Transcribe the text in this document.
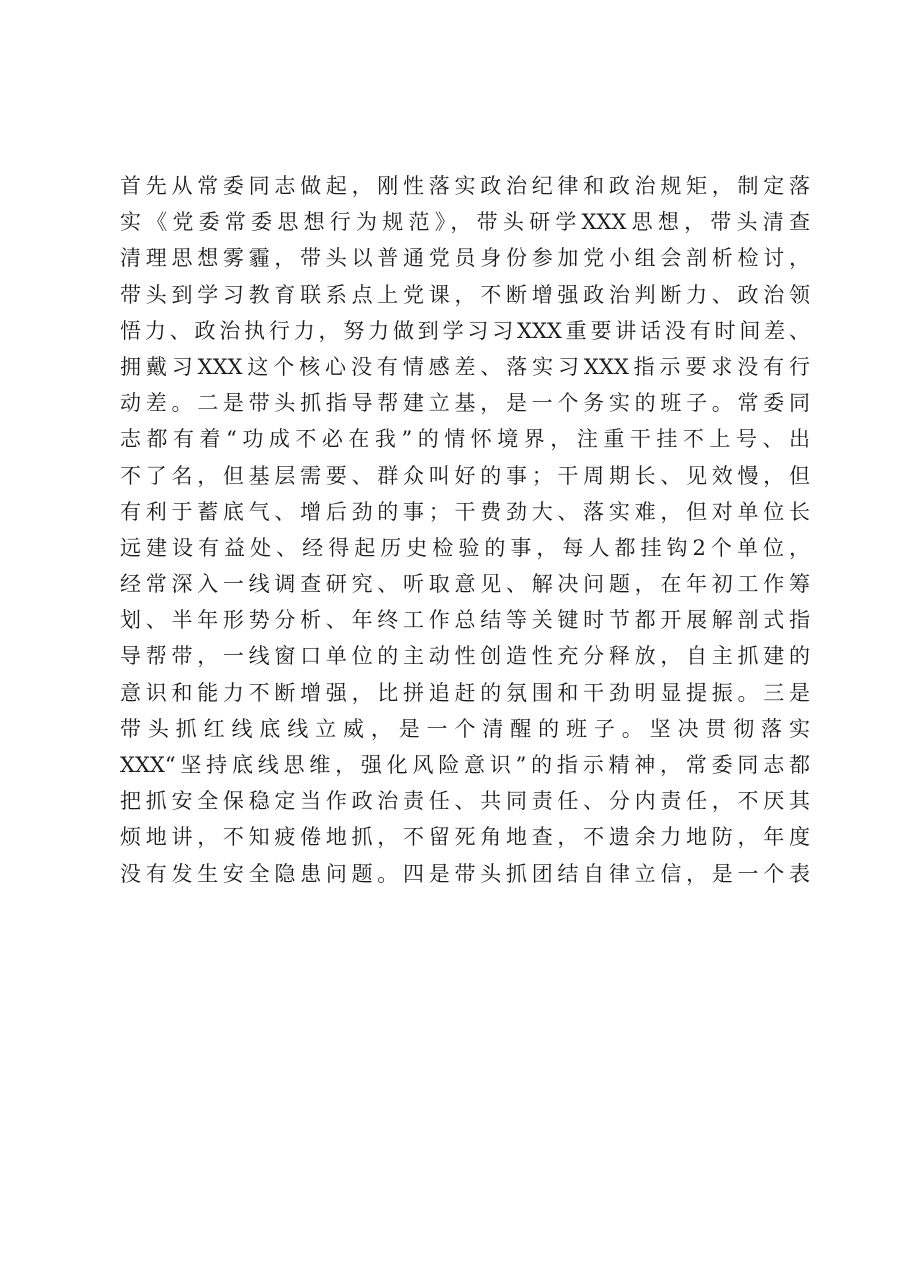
首先从常委同志做起，刚性落实政治纪律和政治规矩，制定落
实《党委常委思想行为规范》，带头研学XXX思想，带头清查
清理思想雾霾，带头以普通党员身份参加党小组会剖析检讨，
带头到学习教育联系点上党课，不断增强政治判断力、政治领
悟力、政治执行力，努力做到学习习XXX重要讲话没有时间差、
拥戴习XXX这个核心没有情感差、落实习XXX指示要求没有行
动差。二是带头抓指导帮建立基，是一个务实的班子。常委同
志都有着“功成不必在我”的情怀境界，注重干挂不上号、出
不了名，但基层需要、群众叫好的事；干周期长、见效慢，但
有利于蓄底气、增后劲的事；干费劲大、落实难，但对单位长
远建设有益处、经得起历史检验的事，每人都挂钩2个单位，
经常深入一线调查研究、听取意见、解决问题，在年初工作筹
划、半年形势分析、年终工作总结等关键时节都开展解剖式指
导帮带，一线窗口单位的主动性创造性充分释放，自主抓建的
意识和能力不断增强，比拼追赶的氛围和干劲明显提振。三是
带头抓红线底线立威，是一个清醒的班子。坚决贯彻落实
XXX“坚持底线思维，强化风险意识”的指示精神，常委同志都
把抓安全保稳定当作政治责任、共同责任、分内责任，不厌其
烦地讲，不知疲倦地抓，不留死角地查，不遗余力地防，年度
没有发生安全隐患问题。四是带头抓团结自律立信，是一个表
